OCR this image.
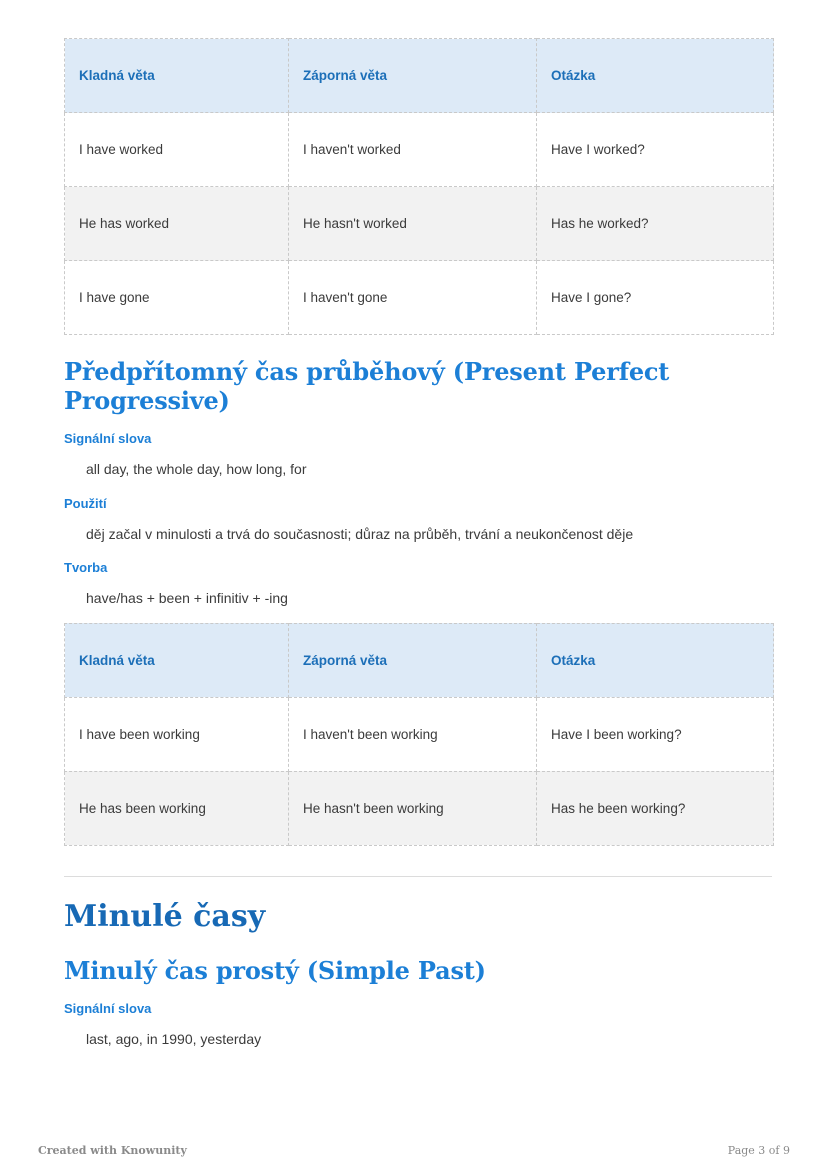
Kladná věta	Záporná věta	Otázka
I have worked	I haven't worked	Have I worked?
He has worked	He hasn't worked	Has he worked?
I have gone	I haven't gone	Have I gone?
Předpřítomný čas průběhový (Present Perfect Progressive)
Signální slova

all day, the whole day, how long, for

Použití

děj začal v minulosti a trvá do současnosti; důraz na průběh, trvání a neukončenost děje

Tvorba

have/has + been + infinitiv + -ing

Kladná věta	Záporná věta	Otázka
I have been working	I haven't been working	Have I been working?
He has been working	He hasn't been working	Has he been working?
Minulé časy
Minulý čas prostý (Simple Past)
Signální slova

last, ago, in 1990, yesterday

Created with Knowunity	Page 3 of 9
